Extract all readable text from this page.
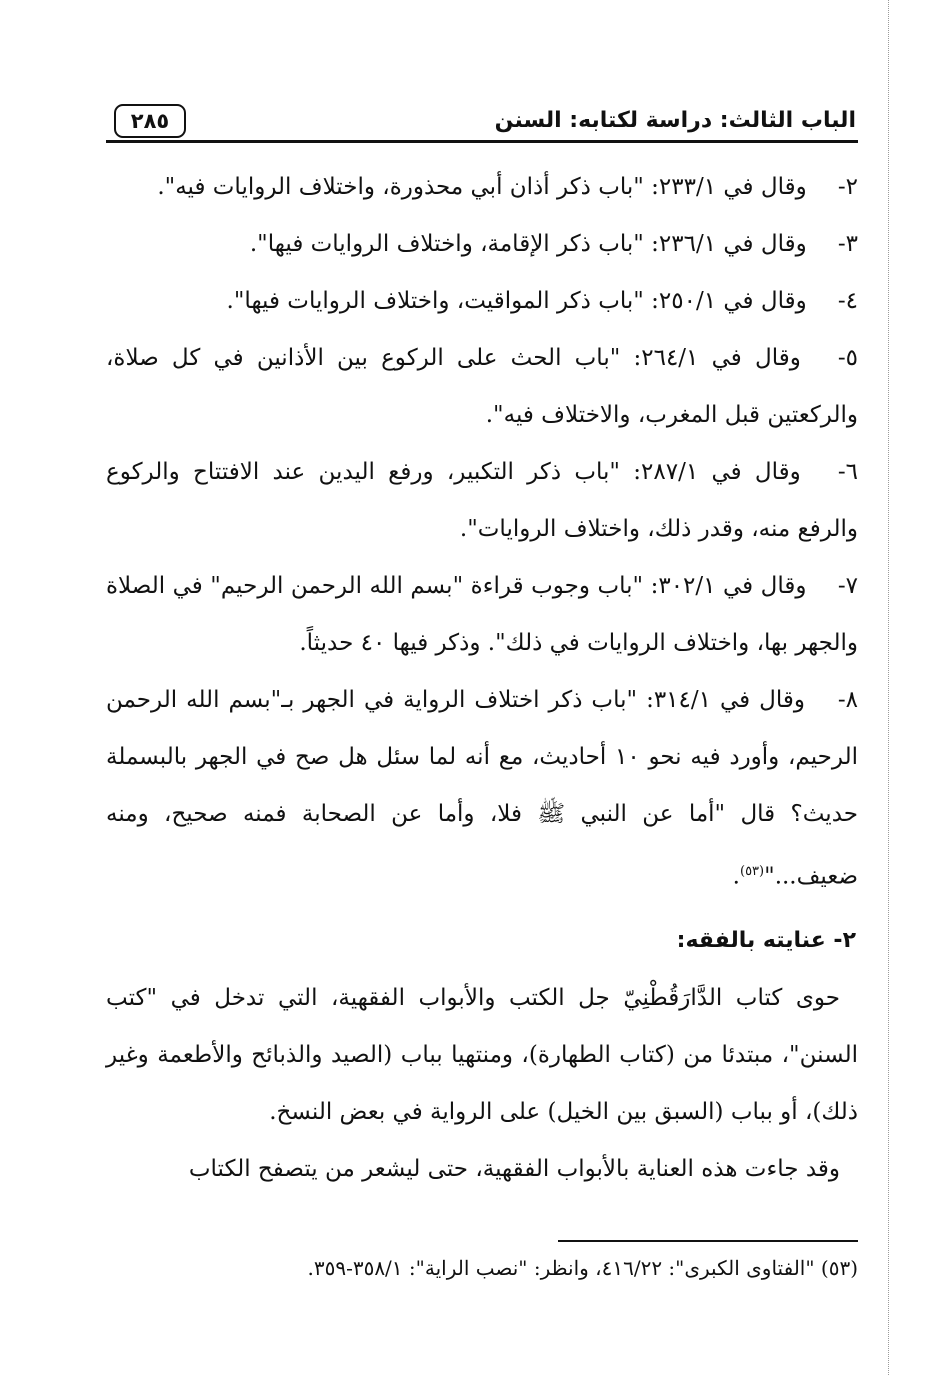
الباب الثالث: دراسة لكتابه: السنن
٢٨٥
٢- وقال في ٢٣٣/١: "باب ذكر أذان أبي محذورة، واختلاف الروايات فيه".
٣- وقال في ٢٣٦/١: "باب ذكر الإقامة، واختلاف الروايات فيها".
٤- وقال في ٢٥٠/١: "باب ذكر المواقيت، واختلاف الروايات فيها".
٥- وقال في ٢٦٤/١: "باب الحث على الركوع بين الأذانين في كل صلاة، والركعتين قبل المغرب، والاختلاف فيه".
٦- وقال في ٢٨٧/١: "باب ذكر التكبير، ورفع اليدين عند الافتتاح والركوع والرفع منه، وقدر ذلك، واختلاف الروايات".
٧- وقال في ٣٠٢/١: "باب وجوب قراءة "بسم الله الرحمن الرحيم" في الصلاة والجهر بها، واختلاف الروايات في ذلك". وذكر فيها ٤٠ حديثاً.
٨- وقال في ٣١٤/١: "باب ذكر اختلاف الرواية في الجهر بـ"بسم الله الرحمن الرحيم، وأورد فيه نحو ١٠ أحاديث، مع أنه لما سئل هل صح في الجهر بالبسملة حديث؟ قال "أما عن النبي ﷺ فلا، وأما عن الصحابة فمنه صحيح، ومنه ضعيف..."$^{(٥٣)}$.
٢- عنايته بالفقه:

حوى كتاب الدَّارَقُطْنِيّ جل الكتب والأبواب الفقهية، التي تدخل في "كتب السنن"، مبتدئا من (كتاب الطهارة)، ومنتهيا بباب (الصيد والذبائح والأطعمة وغير ذلك)، أو بباب (السبق بين الخيل) على الرواية في بعض النسخ.

وقد جاءت هذه العناية بالأبواب الفقهية، حتى ليشعر من يتصفح الكتاب

(٥٣) "الفتاوى الكبرى": ٤١٦/٢٢، وانظر: "نصب الراية": ٣٥٨/١-٣٥٩.
